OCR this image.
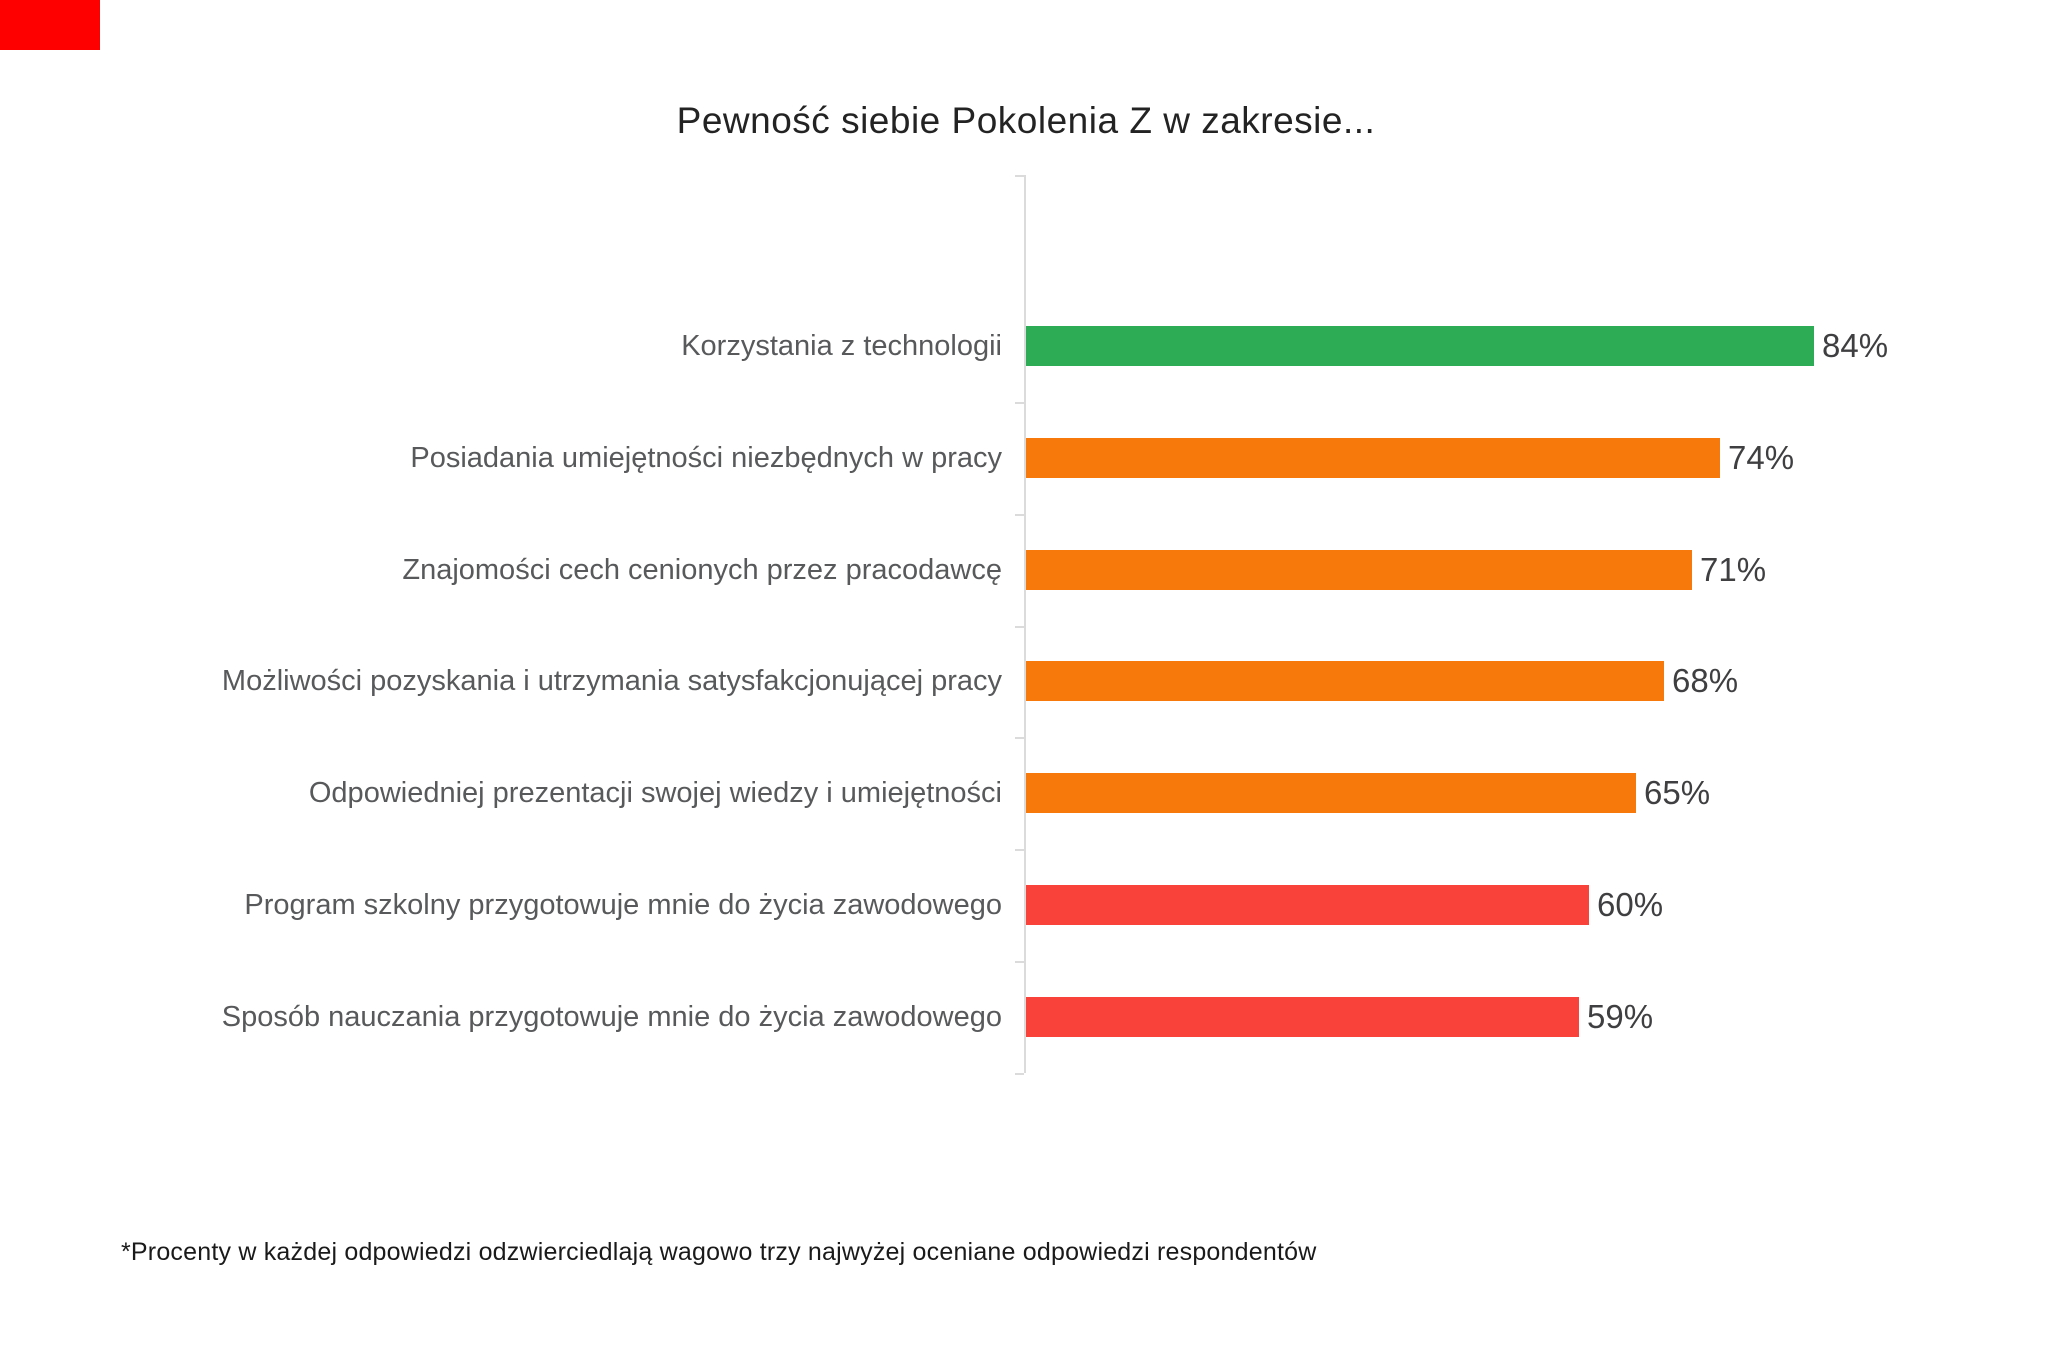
Pewność siebie Pokolenia Z w zakresie...
Korzystania z technologii	84%
Posiadania umiejętności niezbędnych w pracy	74%
Znajomości cech cenionych przez pracodawcę	71%
Możliwości pozyskania i utrzymania satysfakcjonującej pracy	68%
Odpowiedniej prezentacji swojej wiedzy i umiejętności	65%
Program szkolny przygotowuje mnie do życia zawodowego	60%
Sposób nauczania przygotowuje mnie do życia zawodowego	59%
*Procenty w każdej odpowiedzi odzwierciedlają wagowo trzy najwyżej oceniane odpowiedzi respondentów
